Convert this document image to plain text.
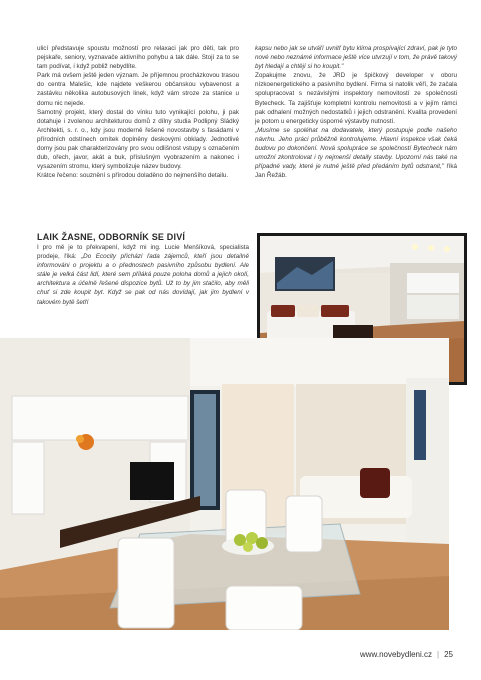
ulicí představuje spoustu možností pro relaxaci jak pro děti, tak pro pejskaře, seniory, vyznavače aktivního pohybu a tak dále. Stojí za to se tam podívat, i když pobliž nebydlíte.

Park má ovšem ještě jeden význam. Je příjemnou procházkovou trasou do centra Malešic, kde najdete veškerou občanskou vybavenost a zastávku několika autobusových linek, když vám stroze za stanice u domu nic nejede.

Samotný projekt, který dostal do vínku tuto vynikající polohu, ji pak dotahuje i zvolenou architekturou domů z dílny studia Podlipný Sládký Architekti, s. r. o., kdy jsou moderně řešené novostavby s fasádami v přírodních odstínech omítek doplněny deskovými obklady. Jednotlivé domy jsou pak charakterizovány pro svou odlišnost vstupy s označením dub, ořech, javor, akát a buk, příslušným vyobrazením a nakonec i vysazením stromu, který symbolizuje název budovy.

Krátce řečeno: souznění s přírodou doladěno do nejmenšího detailu.

kapsu nebo jak se utváří uvnitř bytu klima prospívající zdraví, pak je tyto nové nebo neznámé informace ještě více utvrzují v tom, že právě takový byt hledají a chtějí si ho koupit."

Zopakujme znovu, že JRD je špičkový developer v oboru nízkoenergetického a pasivního bydlení. Firma si natolik věří, že začala spolupracovat s nezávislými inspektory nemovitostí ze společnosti Bytecheck. Ta zajišťuje kompletní kontrolu nemovitosti a v jejím rámci pak odhalení možných nedostatků i jejich odstranění. Kvalita provedení je potom u energeticky úsporné výstavby nutností.

„Musíme se spoléhat na dodavatele, který postupuje podle našeho návrhu. Jeho práci průběžně kontrolujeme. Hlavní inspekce však čeká budovu po dokončení. Nová spolupráce se společností Bytecheck nám umožní zkontrolovat i ty nejmenší detaily stavby. Upozorní nás také na případné vady, které je nutné ještě před předáním bytů odstranit," říká Jan Řežáb.

LAIK ŽASNE, ODBORNÍK SE DIVÍ

I pro mě je to překvapení, když mi ing. Lucie Menšíková, specialista prodeje, říká: „Do Ecocity přichází řada zájemců, kteří jsou detailně informováni o projektu a o přednostech pasivního způsobu bydlení. Ale stále je velká část lidí, které sem přiláká pouze poloha domů a jejich okolí, architektura a účelně řešené dispozice bytů. Už to by jim stačilo, aby měli chuť si zde koupit byt. Když se pak od nás dovídají, jak jim bydlení v takovém bytě šetří

www.novebydleni.cz | 25
